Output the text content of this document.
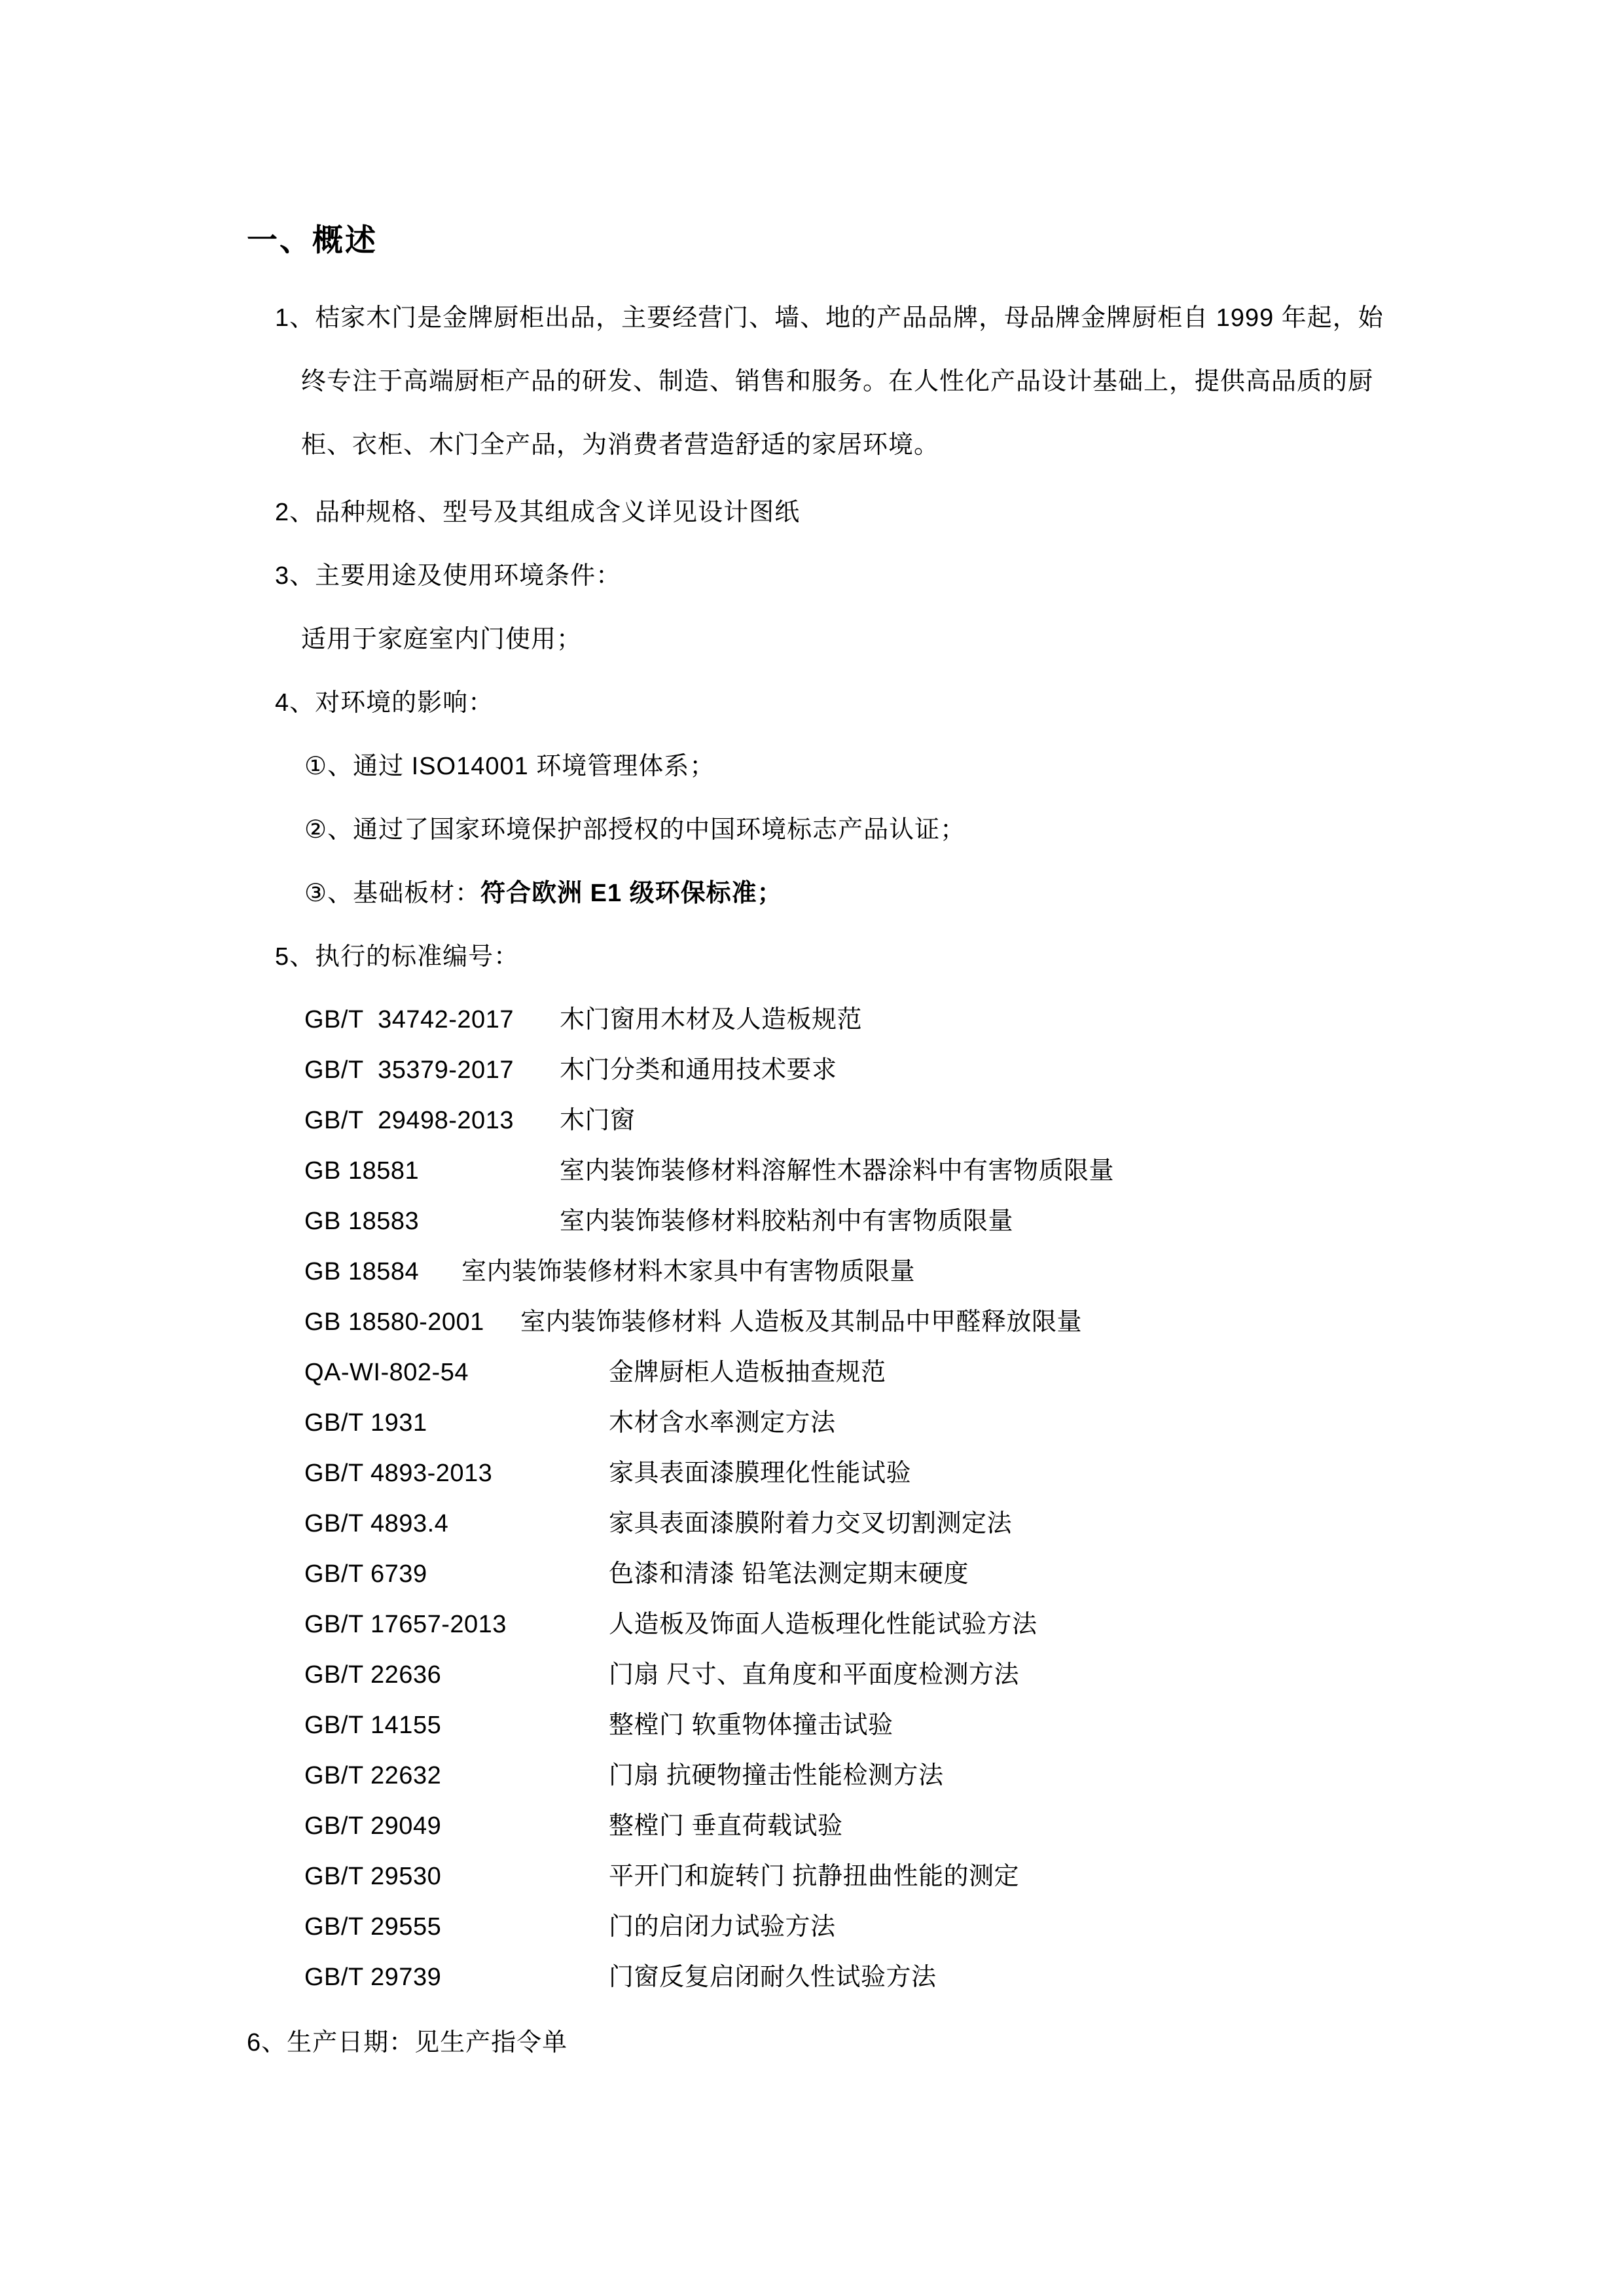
一、概述
1、桔家木门是金牌厨柜出品，主要经营门、墙、地的产品品牌，母品牌金牌厨柜自 1999 年起，始
终专注于高端厨柜产品的研发、制造、销售和服务。在人性化产品设计基础上，提供高品质的厨
柜、衣柜、木门全产品，为消费者营造舒适的家居环境。
2、品种规格、型号及其组成含义详见设计图纸
3、主要用途及使用环境条件：
适用于家庭室内门使用；
4、对环境的影响：
①、通过 ISO14001 环境管理体系；
②、通过了国家环境保护部授权的中国环境标志产品认证；
③、基础板材：符合欧洲 E1 级环保标准；
5、执行的标准编号：
GB/T  34742-2017	木门窗用木材及人造板规范
GB/T  35379-2017	木门分类和通用技术要求
GB/T  29498-2013	木门窗
GB 18581	室内装饰装修材料溶解性木器涂料中有害物质限量
GB 18583	室内装饰装修材料胶粘剂中有害物质限量
GB 18584	室内装饰装修材料木家具中有害物质限量
GB 18580-2001	室内装饰装修材料 人造板及其制品中甲醛释放限量
QA-WI-802-54	金牌厨柜人造板抽查规范
GB/T 1931	木材含水率测定方法
GB/T 4893-2013	家具表面漆膜理化性能试验
GB/T 4893.4	家具表面漆膜附着力交叉切割测定法
GB/T 6739	色漆和清漆 铅笔法测定期末硬度
GB/T 17657-2013	人造板及饰面人造板理化性能试验方法
GB/T 22636	门扇 尺寸、直角度和平面度检测方法
GB/T 14155	整樘门 软重物体撞击试验
GB/T 22632	门扇 抗硬物撞击性能检测方法
GB/T 29049	整樘门 垂直荷载试验
GB/T 29530	平开门和旋转门 抗静扭曲性能的测定
GB/T 29555	门的启闭力试验方法
GB/T 29739	门窗反复启闭耐久性试验方法
6、生产日期：见生产指令单
